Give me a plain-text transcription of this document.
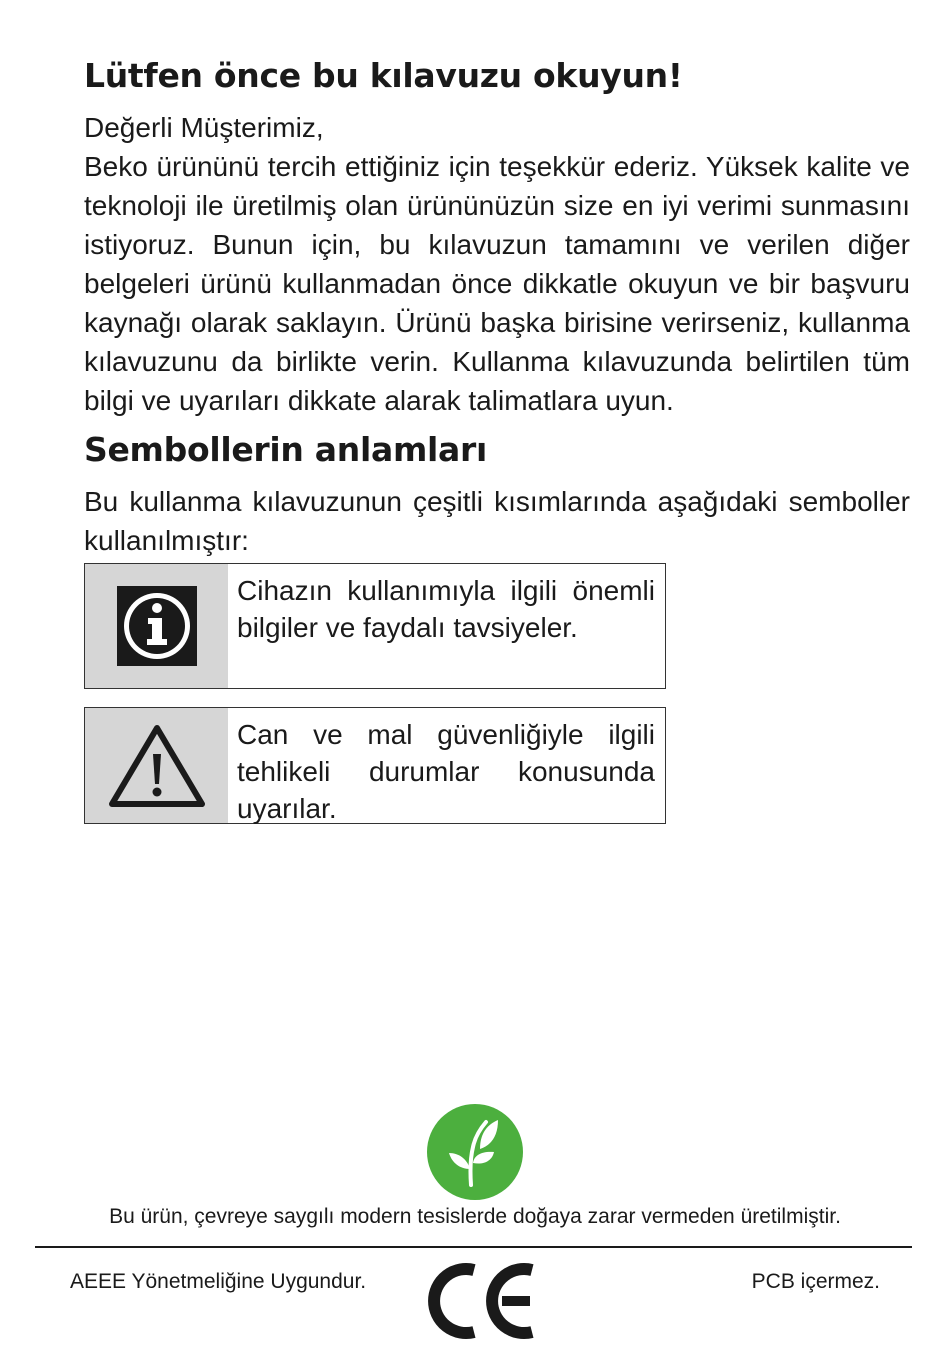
Lütfen önce bu kılavuzu okuyun!

Değerli Müşterimiz,

Beko ürününü tercih ettiğiniz için teşekkür ederiz. Yüksek kalite ve teknoloji ile üretilmiş olan ürününüzün size en iyi verimi sunmasını istiyoruz. Bunun için, bu kılavuzun tamamını ve verilen diğer belgeleri ürünü kullanmadan önce dikkatle okuyun ve bir başvuru kaynağı olarak saklayın. Ürünü başka birisine verirseniz, kullanma kılavuzunu da birlikte verin. Kullanma kılavuzunda belirtilen tüm bilgi ve uyarıları dikkate alarak talimatlara uyun.

Sembollerin anlamları

Bu kullanma kılavuzunun çeşitli kısımlarında aşağıdaki semboller kullanılmıştır:

Cihazın kullanımıyla ilgili önemli bilgiler ve faydalı tavsiyeler.
Can ve mal güvenliğiyle ilgili tehlikeli durumlar konusunda uyarılar.
Bu ürün, çevreye saygılı modern tesislerde doğaya zarar vermeden üretilmiştir.
AEEE Yönetmeliğine Uygundur.	PCB içermez.
